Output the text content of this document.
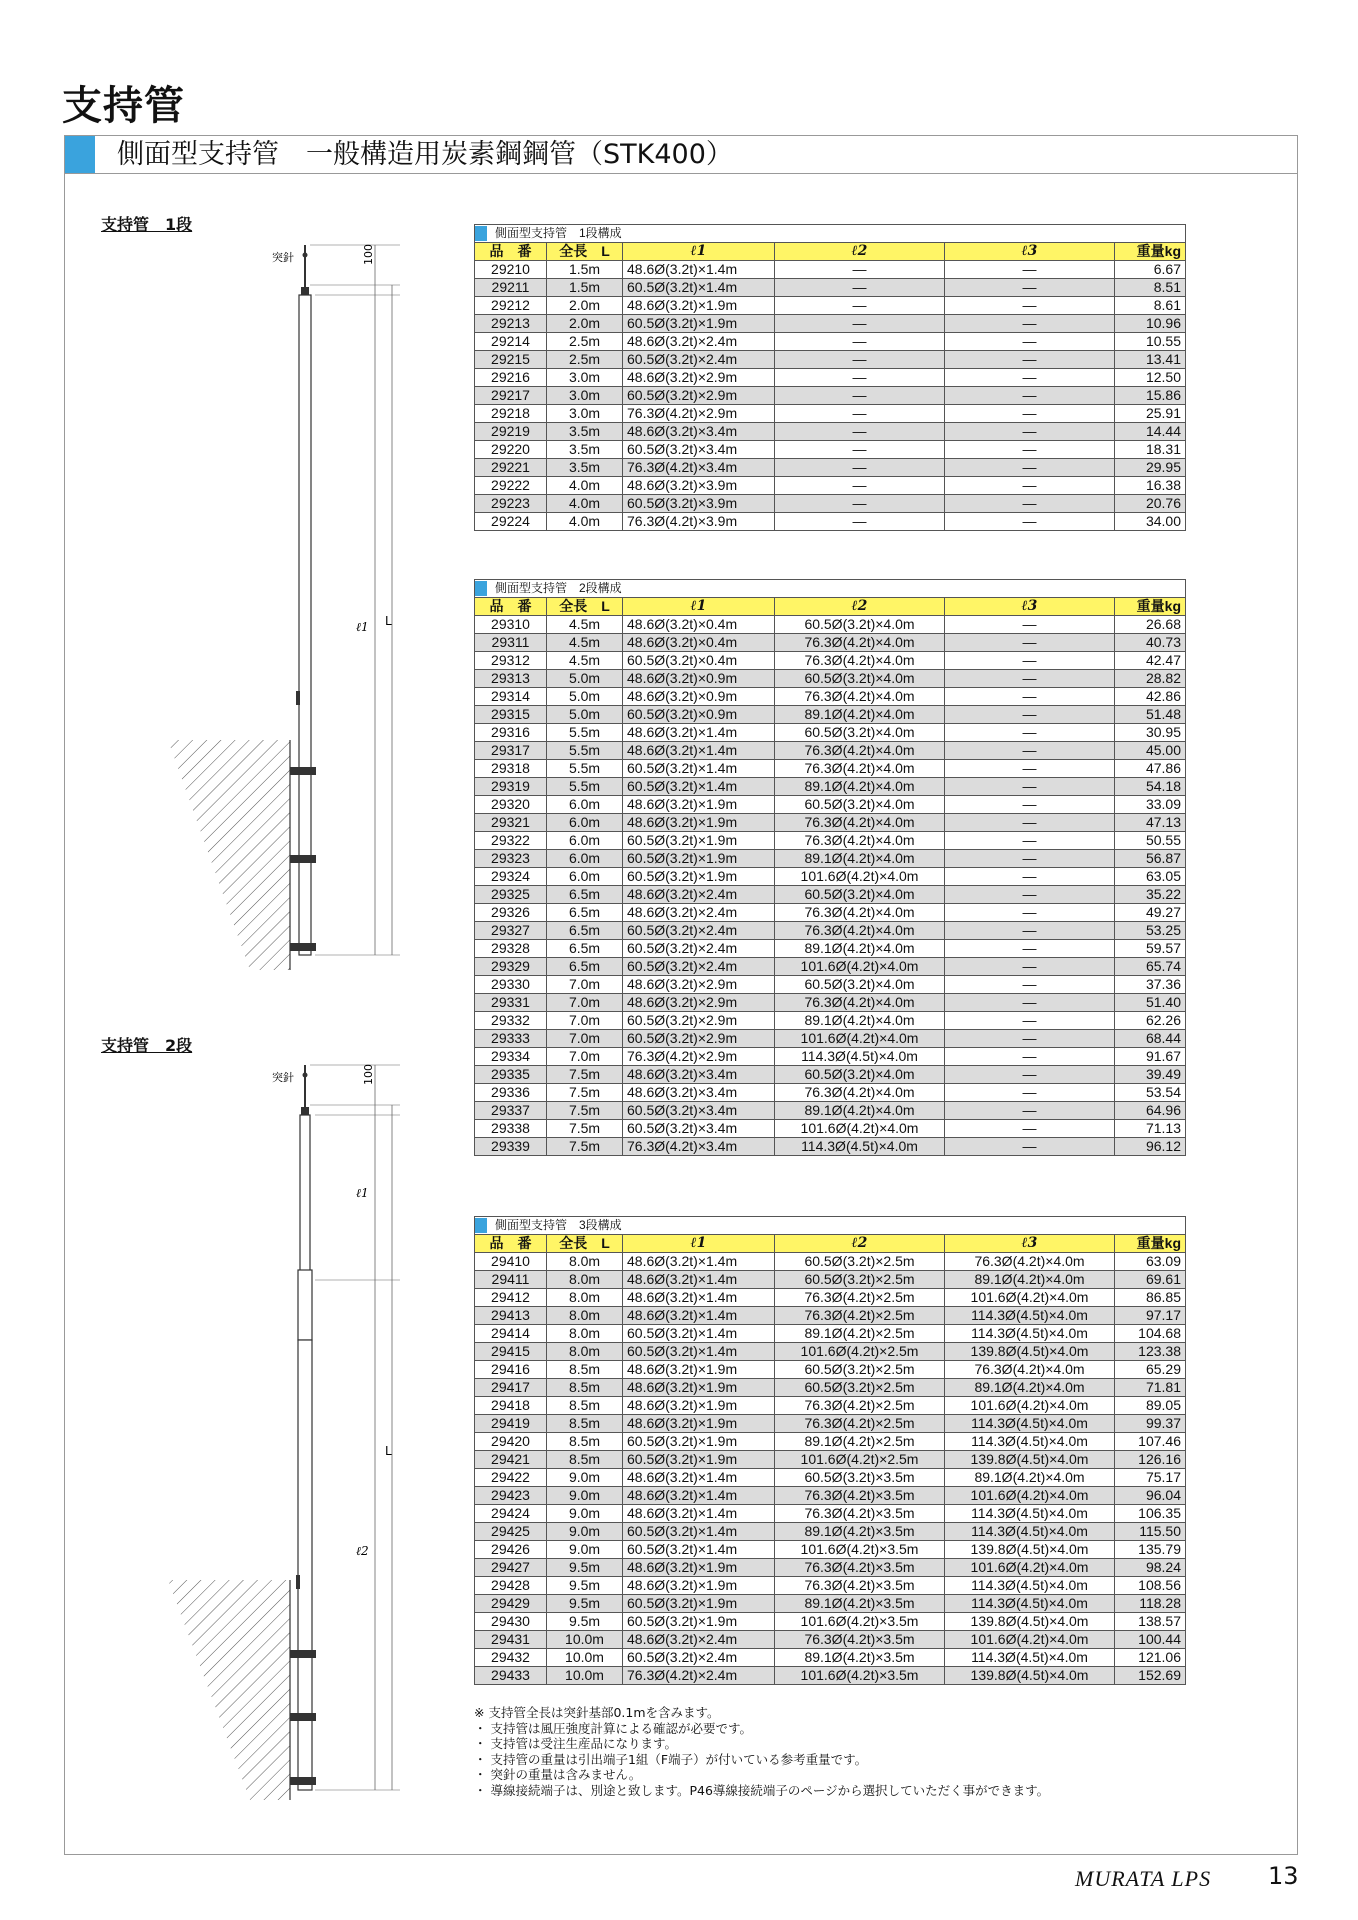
支持管
側面型支持管　一般構造用炭素鋼鋼管（STK400）
支持管　1段
突針	100
ℓ1 L
支持管　2段
突針	100
ℓ1
ℓ2
L
側面型支持管　1段構成					
品　番	全長　L	ℓ1	ℓ2	ℓ3	重量kg
29210	1.5m	48.6Ø(3.2t)×1.4m	—	—	6.67
29211	1.5m	60.5Ø(3.2t)×1.4m	—	—	8.51
29212	2.0m	48.6Ø(3.2t)×1.9m	—	—	8.61
29213	2.0m	60.5Ø(3.2t)×1.9m	—	—	10.96
29214	2.5m	48.6Ø(3.2t)×2.4m	—	—	10.55
29215	2.5m	60.5Ø(3.2t)×2.4m	—	—	13.41
29216	3.0m	48.6Ø(3.2t)×2.9m	—	—	12.50
29217	3.0m	60.5Ø(3.2t)×2.9m	—	—	15.86
29218	3.0m	76.3Ø(4.2t)×2.9m	—	—	25.91
29219	3.5m	48.6Ø(3.2t)×3.4m	—	—	14.44
29220	3.5m	60.5Ø(3.2t)×3.4m	—	—	18.31
29221	3.5m	76.3Ø(4.2t)×3.4m	—	—	29.95
29222	4.0m	48.6Ø(3.2t)×3.9m	—	—	16.38
29223	4.0m	60.5Ø(3.2t)×3.9m	—	—	20.76
29224	4.0m	76.3Ø(4.2t)×3.9m	—	—	34.00
側面型支持管　2段構成					
品　番	全長　L	ℓ1	ℓ2	ℓ3	重量kg
29310	4.5m	48.6Ø(3.2t)×0.4m	60.5Ø(3.2t)×4.0m	—	26.68
29311	4.5m	48.6Ø(3.2t)×0.4m	76.3Ø(4.2t)×4.0m	—	40.73
29312	4.5m	60.5Ø(3.2t)×0.4m	76.3Ø(4.2t)×4.0m	—	42.47
29313	5.0m	48.6Ø(3.2t)×0.9m	60.5Ø(3.2t)×4.0m	—	28.82
29314	5.0m	48.6Ø(3.2t)×0.9m	76.3Ø(4.2t)×4.0m	—	42.86
29315	5.0m	60.5Ø(3.2t)×0.9m	89.1Ø(4.2t)×4.0m	—	51.48
29316	5.5m	48.6Ø(3.2t)×1.4m	60.5Ø(3.2t)×4.0m	—	30.95
29317	5.5m	48.6Ø(3.2t)×1.4m	76.3Ø(4.2t)×4.0m	—	45.00
29318	5.5m	60.5Ø(3.2t)×1.4m	76.3Ø(4.2t)×4.0m	—	47.86
29319	5.5m	60.5Ø(3.2t)×1.4m	89.1Ø(4.2t)×4.0m	—	54.18
29320	6.0m	48.6Ø(3.2t)×1.9m	60.5Ø(3.2t)×4.0m	—	33.09
29321	6.0m	48.6Ø(3.2t)×1.9m	76.3Ø(4.2t)×4.0m	—	47.13
29322	6.0m	60.5Ø(3.2t)×1.9m	76.3Ø(4.2t)×4.0m	—	50.55
29323	6.0m	60.5Ø(3.2t)×1.9m	89.1Ø(4.2t)×4.0m	—	56.87
29324	6.0m	60.5Ø(3.2t)×1.9m	101.6Ø(4.2t)×4.0m	—	63.05
29325	6.5m	48.6Ø(3.2t)×2.4m	60.5Ø(3.2t)×4.0m	—	35.22
29326	6.5m	48.6Ø(3.2t)×2.4m	76.3Ø(4.2t)×4.0m	—	49.27
29327	6.5m	60.5Ø(3.2t)×2.4m	76.3Ø(4.2t)×4.0m	—	53.25
29328	6.5m	60.5Ø(3.2t)×2.4m	89.1Ø(4.2t)×4.0m	—	59.57
29329	6.5m	60.5Ø(3.2t)×2.4m	101.6Ø(4.2t)×4.0m	—	65.74
29330	7.0m	48.6Ø(3.2t)×2.9m	60.5Ø(3.2t)×4.0m	—	37.36
29331	7.0m	48.6Ø(3.2t)×2.9m	76.3Ø(4.2t)×4.0m	—	51.40
29332	7.0m	60.5Ø(3.2t)×2.9m	89.1Ø(4.2t)×4.0m	—	62.26
29333	7.0m	60.5Ø(3.2t)×2.9m	101.6Ø(4.2t)×4.0m	—	68.44
29334	7.0m	76.3Ø(4.2t)×2.9m	114.3Ø(4.5t)×4.0m	—	91.67
29335	7.5m	48.6Ø(3.2t)×3.4m	60.5Ø(3.2t)×4.0m	—	39.49
29336	7.5m	48.6Ø(3.2t)×3.4m	76.3Ø(4.2t)×4.0m	—	53.54
29337	7.5m	60.5Ø(3.2t)×3.4m	89.1Ø(4.2t)×4.0m	—	64.96
29338	7.5m	60.5Ø(3.2t)×3.4m	101.6Ø(4.2t)×4.0m	—	71.13
29339	7.5m	76.3Ø(4.2t)×3.4m	114.3Ø(4.5t)×4.0m	—	96.12
側面型支持管　3段構成					
品　番	全長　L	ℓ1	ℓ2	ℓ3	重量kg
29410	8.0m	48.6Ø(3.2t)×1.4m	60.5Ø(3.2t)×2.5m	76.3Ø(4.2t)×4.0m	63.09
29411	8.0m	48.6Ø(3.2t)×1.4m	60.5Ø(3.2t)×2.5m	89.1Ø(4.2t)×4.0m	69.61
29412	8.0m	48.6Ø(3.2t)×1.4m	76.3Ø(4.2t)×2.5m	101.6Ø(4.2t)×4.0m	86.85
29413	8.0m	48.6Ø(3.2t)×1.4m	76.3Ø(4.2t)×2.5m	114.3Ø(4.5t)×4.0m	97.17
29414	8.0m	60.5Ø(3.2t)×1.4m	89.1Ø(4.2t)×2.5m	114.3Ø(4.5t)×4.0m	104.68
29415	8.0m	60.5Ø(3.2t)×1.4m	101.6Ø(4.2t)×2.5m	139.8Ø(4.5t)×4.0m	123.38
29416	8.5m	48.6Ø(3.2t)×1.9m	60.5Ø(3.2t)×2.5m	76.3Ø(4.2t)×4.0m	65.29
29417	8.5m	48.6Ø(3.2t)×1.9m	60.5Ø(3.2t)×2.5m	89.1Ø(4.2t)×4.0m	71.81
29418	8.5m	48.6Ø(3.2t)×1.9m	76.3Ø(4.2t)×2.5m	101.6Ø(4.2t)×4.0m	89.05
29419	8.5m	48.6Ø(3.2t)×1.9m	76.3Ø(4.2t)×2.5m	114.3Ø(4.5t)×4.0m	99.37
29420	8.5m	60.5Ø(3.2t)×1.9m	89.1Ø(4.2t)×2.5m	114.3Ø(4.5t)×4.0m	107.46
29421	8.5m	60.5Ø(3.2t)×1.9m	101.6Ø(4.2t)×2.5m	139.8Ø(4.5t)×4.0m	126.16
29422	9.0m	48.6Ø(3.2t)×1.4m	60.5Ø(3.2t)×3.5m	89.1Ø(4.2t)×4.0m	75.17
29423	9.0m	48.6Ø(3.2t)×1.4m	76.3Ø(4.2t)×3.5m	101.6Ø(4.2t)×4.0m	96.04
29424	9.0m	48.6Ø(3.2t)×1.4m	76.3Ø(4.2t)×3.5m	114.3Ø(4.5t)×4.0m	106.35
29425	9.0m	60.5Ø(3.2t)×1.4m	89.1Ø(4.2t)×3.5m	114.3Ø(4.5t)×4.0m	115.50
29426	9.0m	60.5Ø(3.2t)×1.4m	101.6Ø(4.2t)×3.5m	139.8Ø(4.5t)×4.0m	135.79
29427	9.5m	48.6Ø(3.2t)×1.9m	76.3Ø(4.2t)×3.5m	101.6Ø(4.2t)×4.0m	98.24
29428	9.5m	48.6Ø(3.2t)×1.9m	76.3Ø(4.2t)×3.5m	114.3Ø(4.5t)×4.0m	108.56
29429	9.5m	60.5Ø(3.2t)×1.9m	89.1Ø(4.2t)×3.5m	114.3Ø(4.5t)×4.0m	118.28
29430	9.5m	60.5Ø(3.2t)×1.9m	101.6Ø(4.2t)×3.5m	139.8Ø(4.5t)×4.0m	138.57
29431	10.0m	48.6Ø(3.2t)×2.4m	76.3Ø(4.2t)×3.5m	101.6Ø(4.2t)×4.0m	100.44
29432	10.0m	60.5Ø(3.2t)×2.4m	89.1Ø(4.2t)×3.5m	114.3Ø(4.5t)×4.0m	121.06
29433	10.0m	76.3Ø(4.2t)×2.4m	101.6Ø(4.2t)×3.5m	139.8Ø(4.5t)×4.0m	152.69
※ 支持管全長は突針基部0.1mを含みます。
・ 支持管は風圧強度計算による確認が必要です。
・ 支持管は受注生産品になります。
・ 支持管の重量は引出端子1組（F端子）が付いている参考重量です。
・ 突針の重量は含みません。
・ 導線接続端子は、別途と致します。P46導線接続端子のページから選択していただく事ができます。
MURATA LPS 13
